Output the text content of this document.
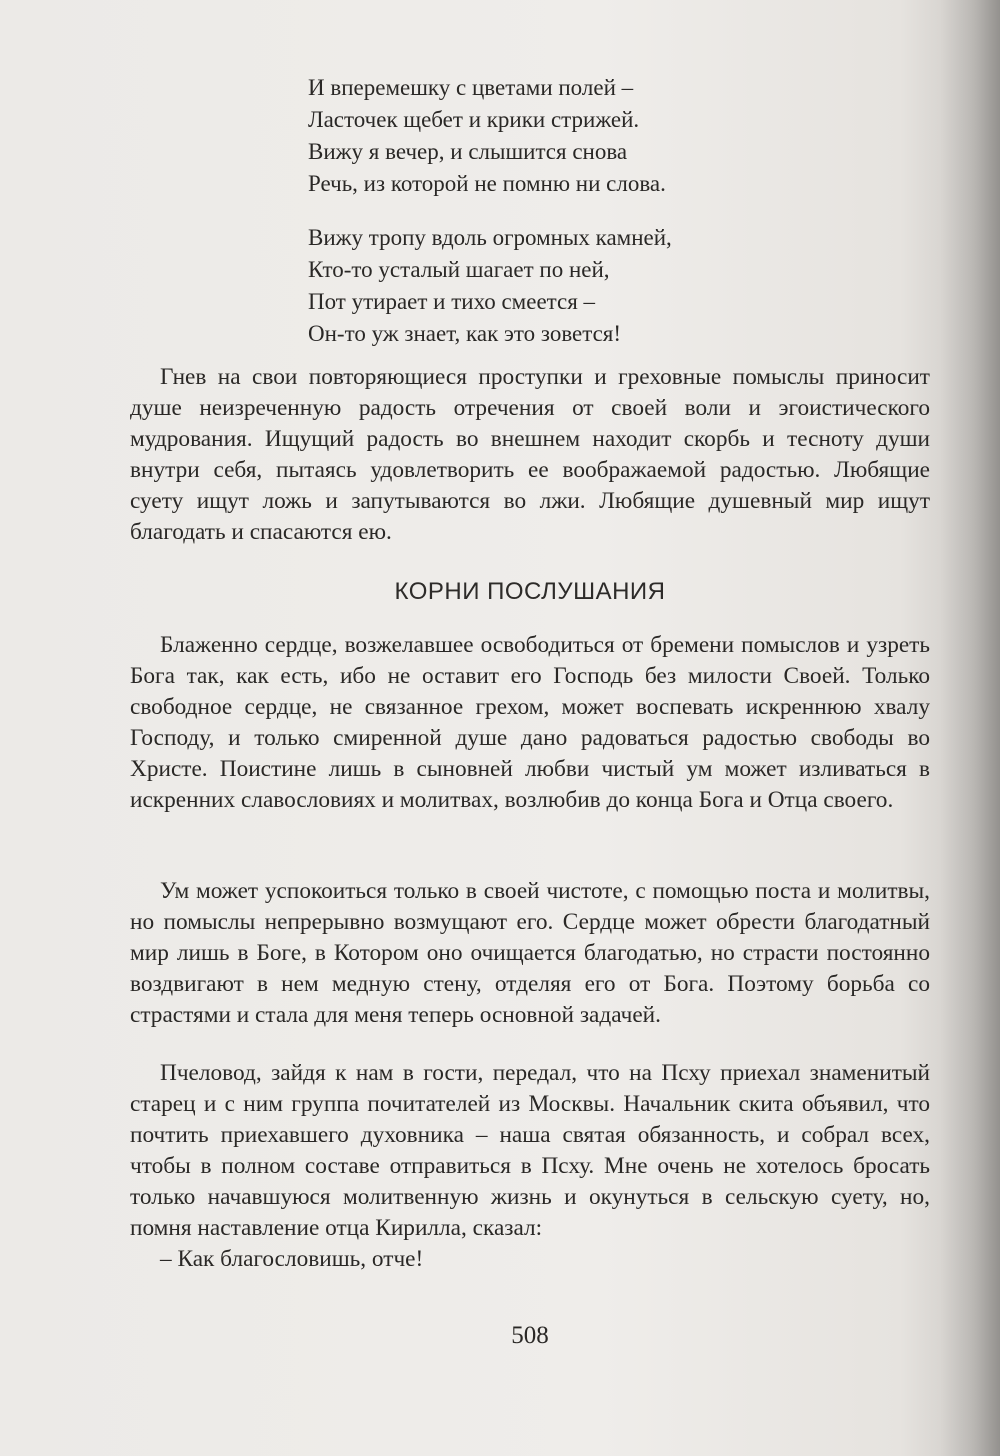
И вперемешку с цветами полей –
Ласточек щебет и крики стрижей.
Вижу я вечер, и слышится снова
Речь, из которой не помню ни слова.
Вижу тропу вдоль огромных камней,
Кто-то усталый шагает по ней,
Пот утирает и тихо смеется –
Он-то уж знает, как это зовется!

Гнев на свои повторяющиеся проступки и греховные помыслы приносит душе неизреченную радость отречения от своей воли и эгоистического мудрования. Ищущий радость во внешнем находит скорбь и тесноту души внутри себя, пытаясь удовлетворить ее воображаемой радостью. Любящие суету ищут ложь и запутываются во лжи. Любящие душевный мир ищут благодать и спасаются ею.

КОРНИ ПОСЛУШАНИЯ

Блаженно сердце, возжелавшее освободиться от бремени помыслов и узреть Бога так, как есть, ибо не оставит его Господь без милости Своей. Только свободное сердце, не связанное грехом, может воспевать искреннюю хвалу Господу, и только смиренной душе дано радоваться радостью свободы во Христе. Поистине лишь в сыновней любви чистый ум может изливаться в искренних славословиях и молитвах, возлюбив до конца Бога и Отца своего.

Ум может успокоиться только в своей чистоте, с помощью поста и молитвы, но помыслы непрерывно возмущают его. Сердце может обрести благодатный мир лишь в Боге, в Котором оно очищается благодатью, но страсти постоянно воздвигают в нем медную стену, отделяя его от Бога. Поэтому борьба со страстями и стала для меня теперь основной задачей.

Пчеловод, зайдя к нам в гости, передал, что на Псху приехал знаменитый старец и с ним группа почитателей из Москвы. Начальник скита объявил, что почтить приехавшего духовника – наша святая обязанность, и собрал всех, чтобы в полном составе отправиться в Псху. Мне очень не хотелось бросать только начавшуюся молитвенную жизнь и окунуться в сельскую суету, но, помня наставление отца Кирилла, сказал:

– Как благословишь, отче!

508
